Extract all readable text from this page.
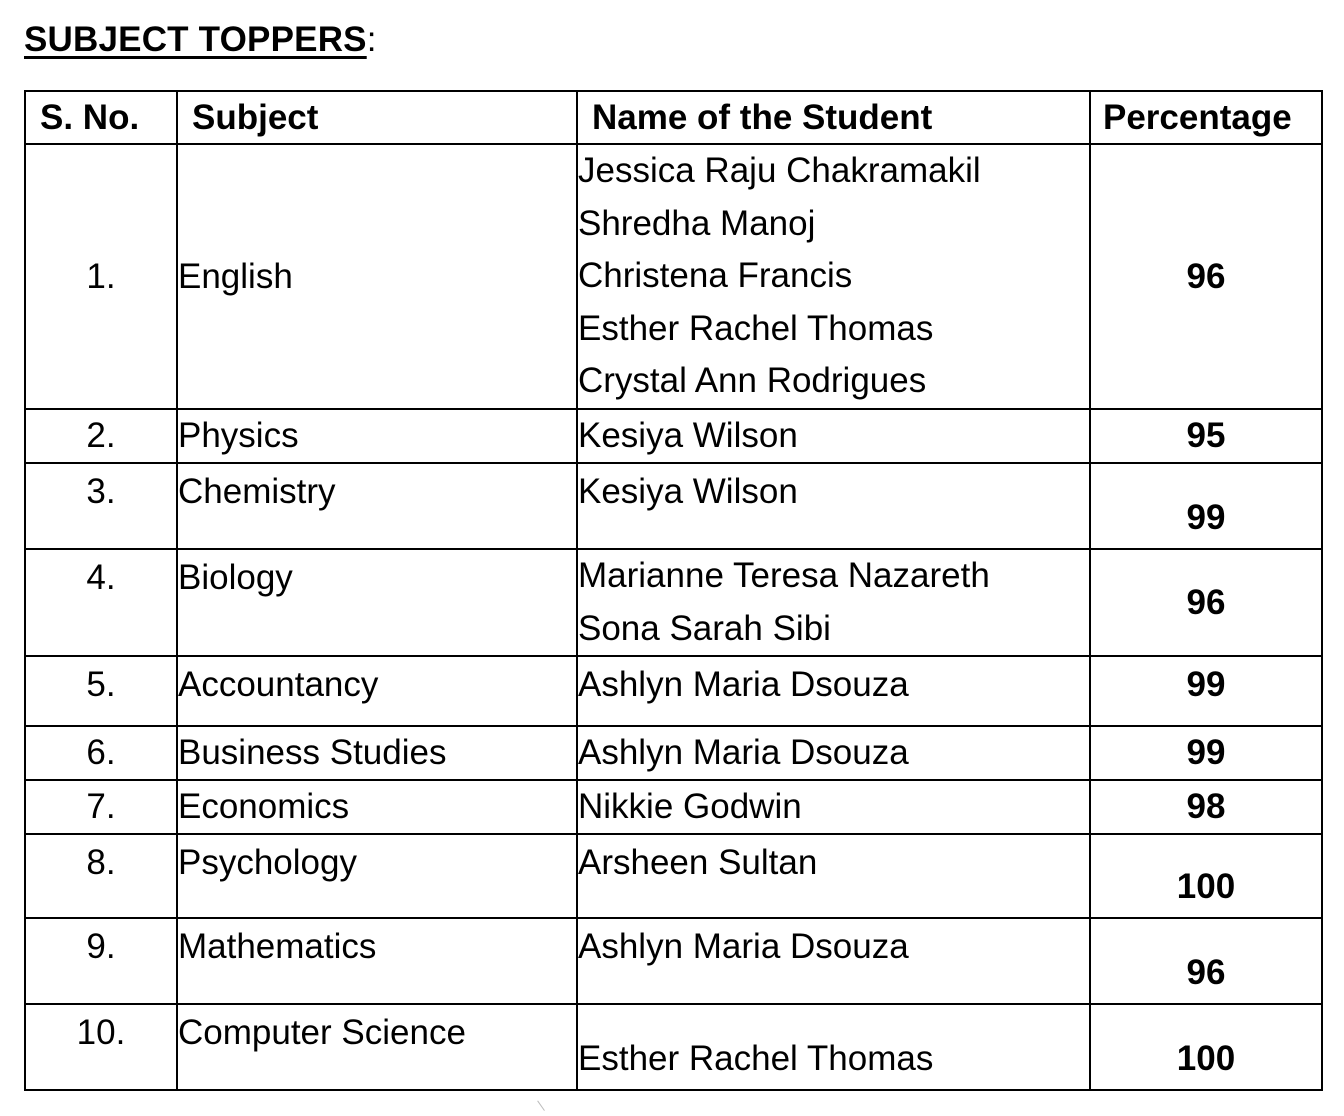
SUBJECT TOPPERS:
S. No.	Subject	Name of the Student	Percentage

1.	English	Jessica Raju Chakramakil
Shredha Manoj
Christena Francis
Esther Rachel Thomas
Crystal Ann Rodrigues	96

2.	Physics	Kesiya Wilson	95

3.	Chemistry	Kesiya Wilson	99

4.	Biology	Marianne Teresa Nazareth
Sona Sarah Sibi	96

5.	Accountancy	Ashlyn Maria Dsouza	99

6.	Business Studies	Ashlyn Maria Dsouza	99

7.	Economics	Nikkie Godwin	98

8.	Psychology	Arsheen Sultan	100

9.	Mathematics	Ashlyn Maria Dsouza	96

10.	Computer Science	Esther Rachel Thomas	100
